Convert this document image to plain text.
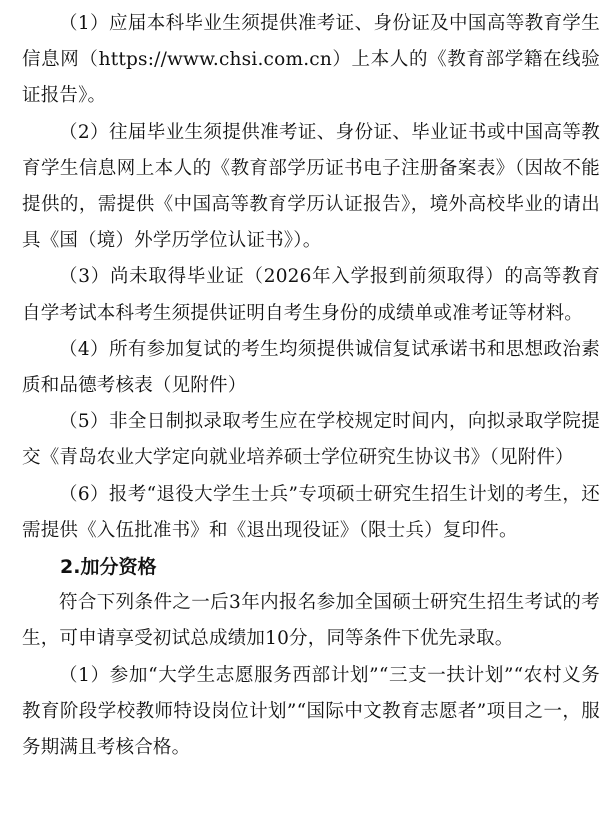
（1）应届本科毕业生须提供准考证、身份证及中国高等教育学生信息网（https://www.chsi.com.cn）上本人的《教育部学籍在线验证报告》。

（2）往届毕业生须提供准考证、身份证、毕业证书或中国高等教育学生信息网上本人的《教育部学历证书电子注册备案表》（因故不能提供的，需提供《中国高等教育学历认证报告》，境外高校毕业的请出具《国（境）外学历学位认证书》）。

（3）尚未取得毕业证（2026年入学报到前须取得）的高等教育自学考试本科考生须提供证明自考生身份的成绩单或准考证等材料。

（4）所有参加复试的考生均须提供诚信复试承诺书和思想政治素质和品德考核表（见附件）

（5）非全日制拟录取考生应在学校规定时间内，向拟录取学院提交《青岛农业大学定向就业培养硕士学位研究生协议书》（见附件）

（6）报考“退役大学生士兵”专项硕士研究生招生计划的考生，还需提供《入伍批准书》和《退出现役证》（限士兵）复印件。

2.加分资格

符合下列条件之一后3年内报名参加全国硕士研究生招生考试的考生，可申请享受初试总成绩加10分，同等条件下优先录取。

（1）参加“大学生志愿服务西部计划”“三支一扶计划”“农村义务教育阶段学校教师特设岗位计划”“国际中文教育志愿者”项目之一，服务期满且考核合格。
